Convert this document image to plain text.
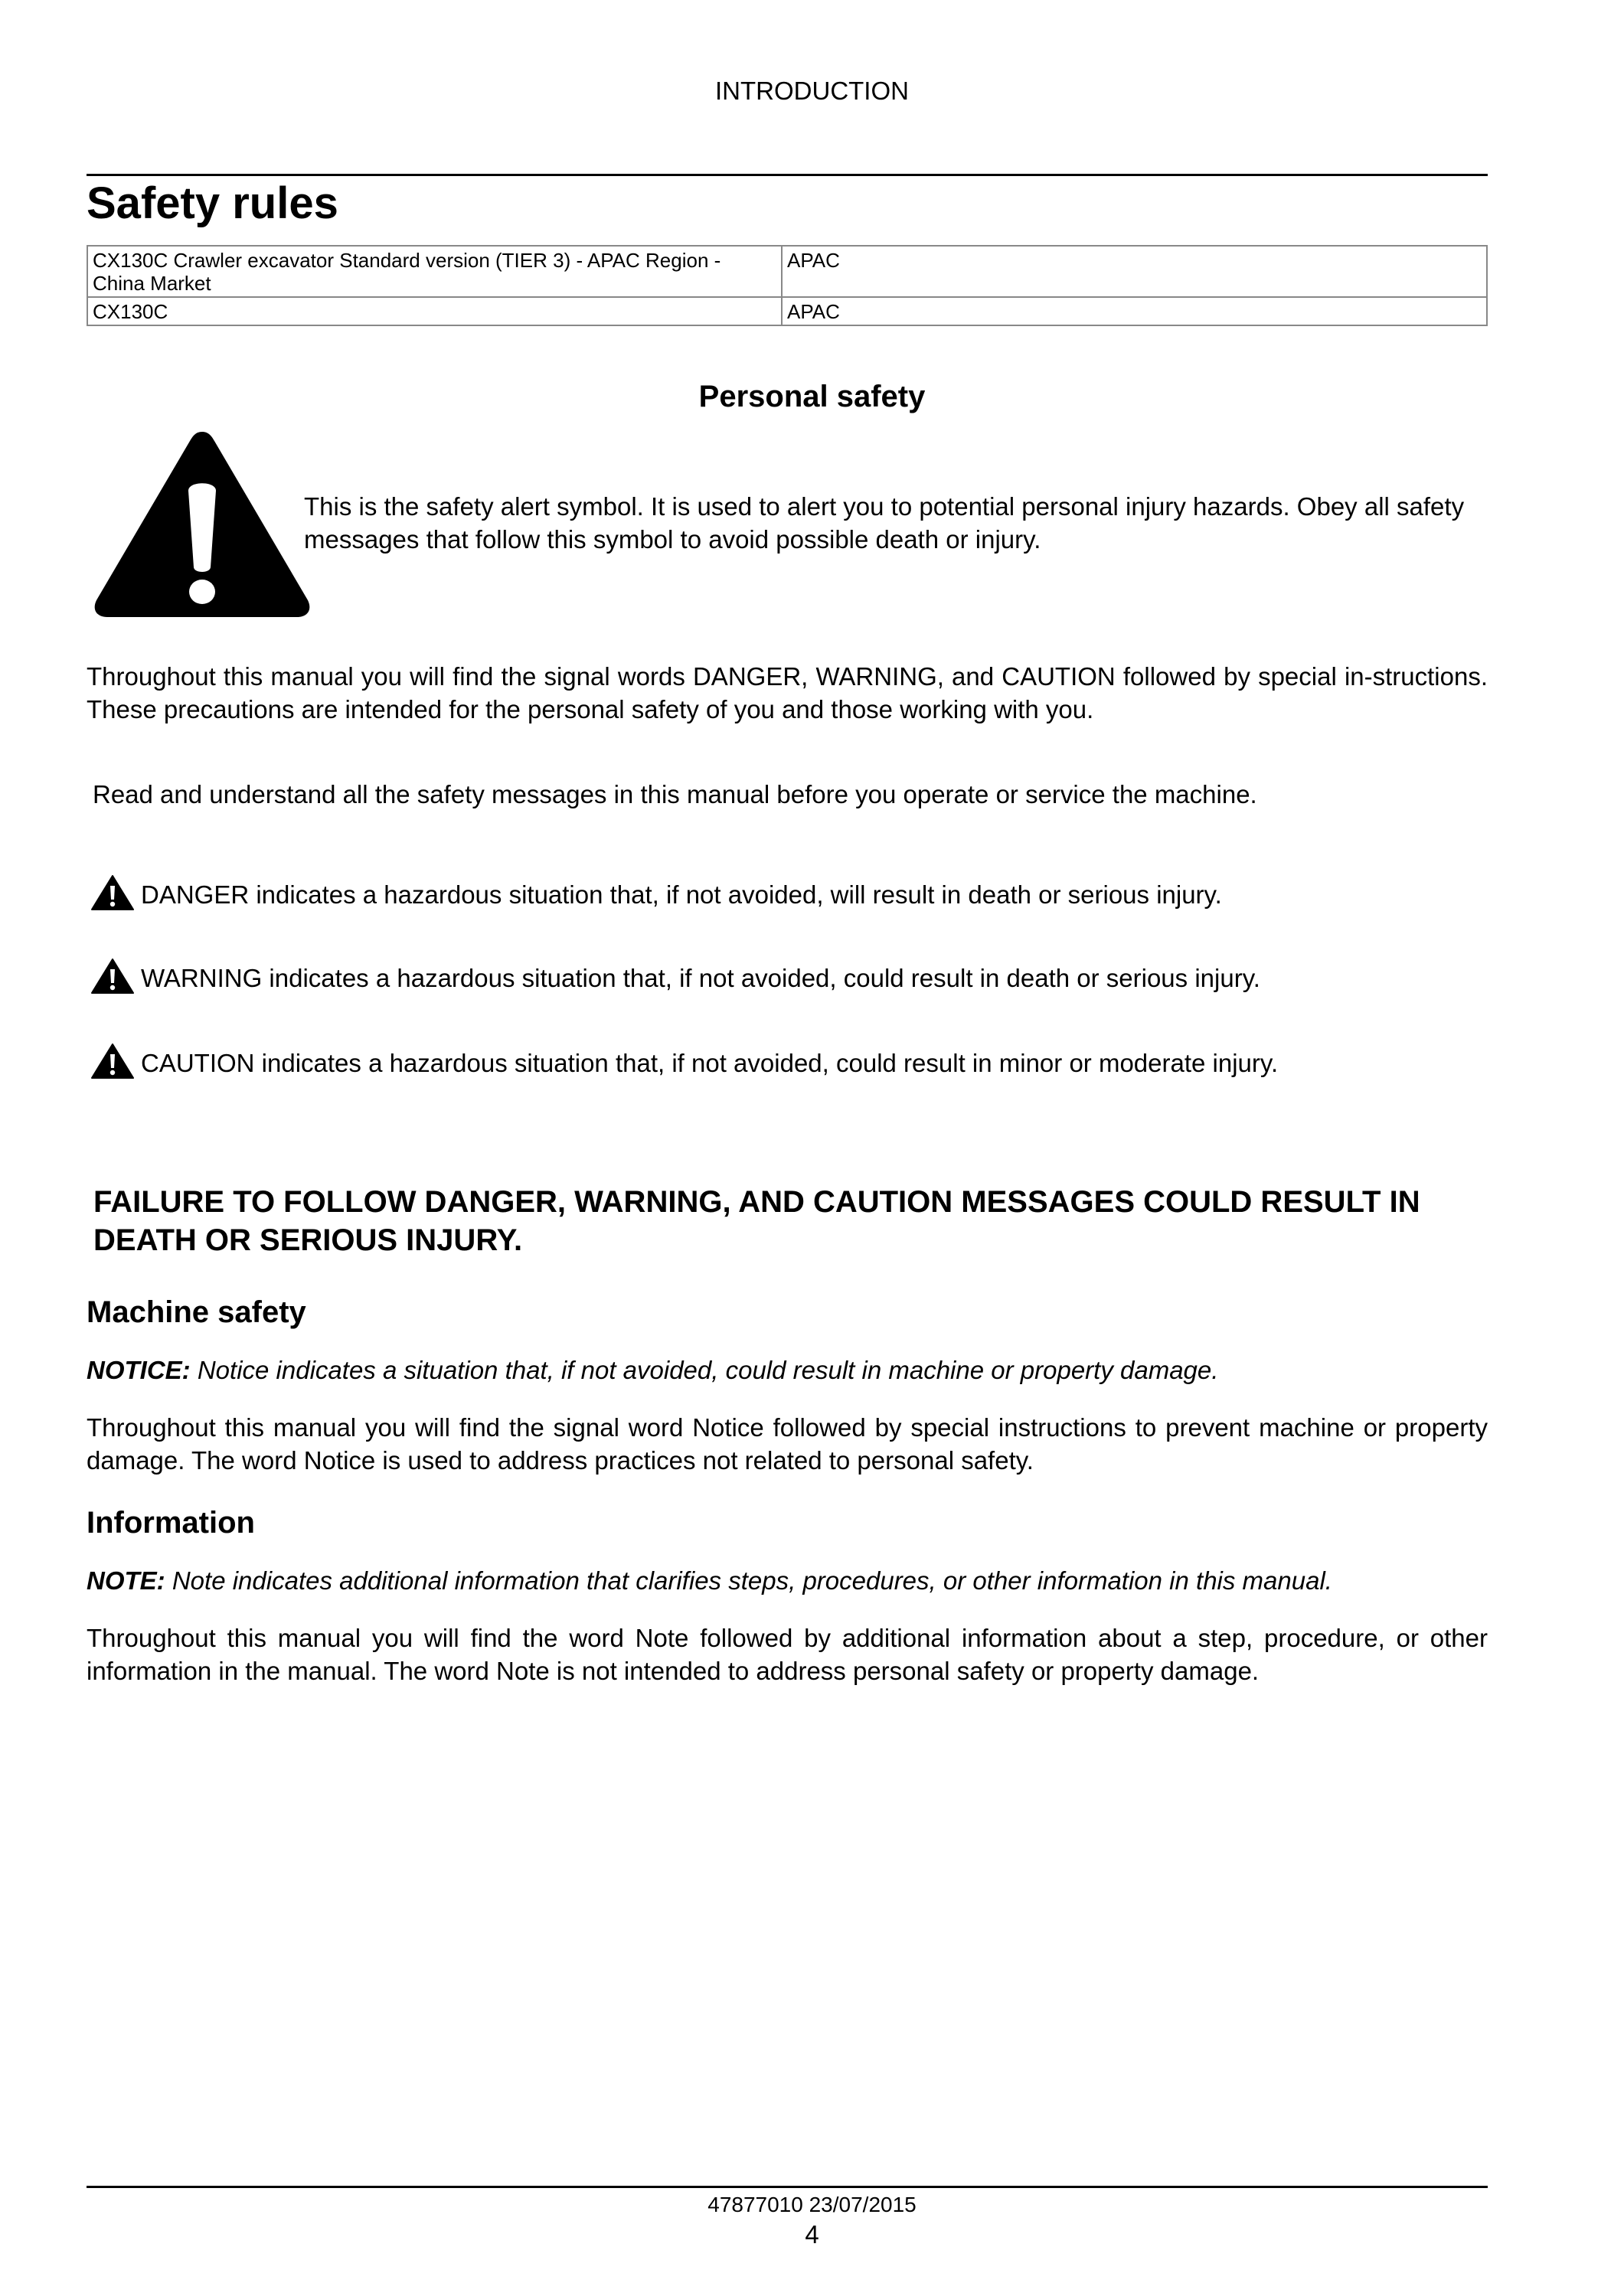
INTRODUCTION
Safety rules
CX130C Crawler excavator Standard version (TIER 3) - APAC Region - China Market	APAC
CX130C	APAC
Personal safety
This is the safety alert symbol. It is used to alert you to potential personal injury hazards. Obey all safety messages that follow this symbol to avoid possible death or injury.
Throughout this manual you will find the signal words DANGER, WARNING, and CAUTION followed by special in-structions. These precautions are intended for the personal safety of you and those working with you.
Read and understand all the safety messages in this manual before you operate or service the machine.
DANGER indicates a hazardous situation that, if not avoided, will result in death or serious injury.
WARNING indicates a hazardous situation that, if not avoided, could result in death or serious injury.
CAUTION indicates a hazardous situation that, if not avoided, could result in minor or moderate injury.
FAILURE TO FOLLOW DANGER, WARNING, AND CAUTION MESSAGES COULD RESULT IN DEATH OR SERIOUS INJURY.
Machine safety
NOTICE: Notice indicates a situation that, if not avoided, could result in machine or property damage.
Throughout this manual you will find the signal word Notice followed by special instructions to prevent machine or property damage. The word Notice is used to address practices not related to personal safety.
Information
NOTE: Note indicates additional information that clarifies steps, procedures, or other information in this manual.
Throughout this manual you will find the word Note followed by additional information about a step, procedure, or other information in the manual. The word Note is not intended to address personal safety or property damage.
47877010 23/07/2015
4
